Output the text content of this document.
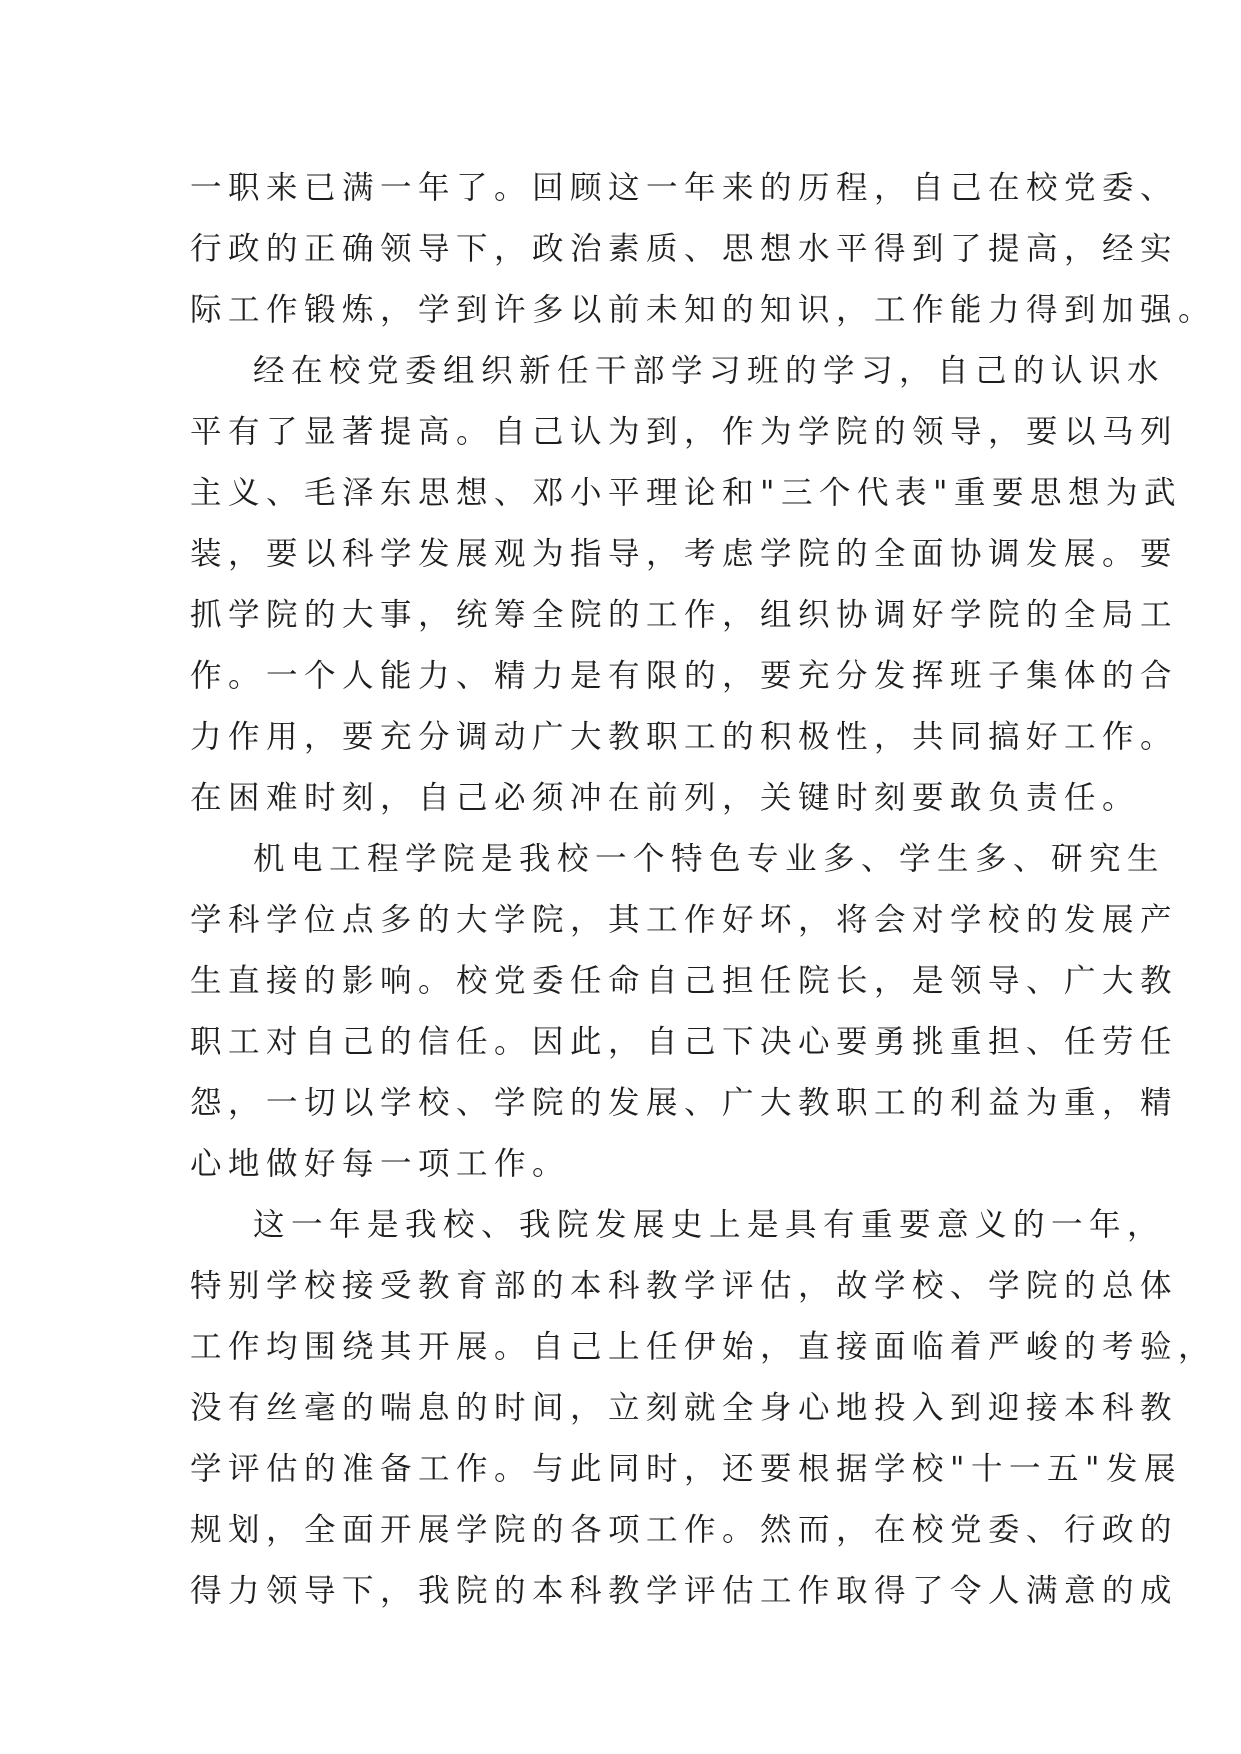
一职来已满一年了。回顾这一年来的历程，自己在校党委、
行政的正确领导下，政治素质、思想水平得到了提高，经实
际工作锻炼，学到许多以前未知的知识，工作能力得到加强。
经在校党委组织新任干部学习班的学习，自己的认识水
平有了显著提高。自己认为到，作为学院的领导，要以马列
主义、毛泽东思想、邓小平理论和"三个代表"重要思想为武
装，要以科学发展观为指导，考虑学院的全面协调发展。要
抓学院的大事，统筹全院的工作，组织协调好学院的全局工
作。一个人能力、精力是有限的，要充分发挥班子集体的合
力作用，要充分调动广大教职工的积极性，共同搞好工作。
在困难时刻，自己必须冲在前列，关键时刻要敢负责任。
机电工程学院是我校一个特色专业多、学生多、研究生
学科学位点多的大学院，其工作好坏，将会对学校的发展产
生直接的影响。校党委任命自己担任院长，是领导、广大教
职工对自己的信任。因此，自己下决心要勇挑重担、任劳任
怨，一切以学校、学院的发展、广大教职工的利益为重，精
心地做好每一项工作。
这一年是我校、我院发展史上是具有重要意义的一年，
特别学校接受教育部的本科教学评估，故学校、学院的总体
工作均围绕其开展。自己上任伊始，直接面临着严峻的考验，
没有丝毫的喘息的时间，立刻就全身心地投入到迎接本科教
学评估的准备工作。与此同时，还要根据学校"十一五"发展
规划，全面开展学院的各项工作。然而，在校党委、行政的
得力领导下，我院的本科教学评估工作取得了令人满意的成
